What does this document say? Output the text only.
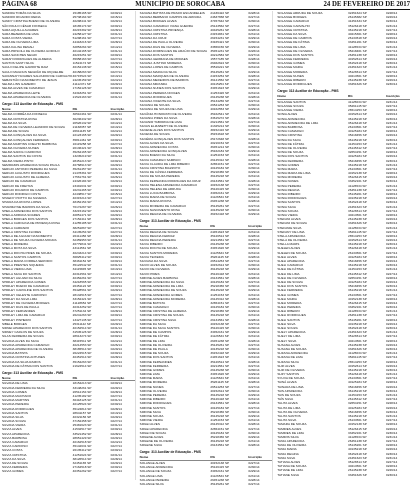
PÁGINA 68	MUNICÍPIO DE SOROCABA	24 DE FEVEREIRO DE 2017
SANDRA TOMÁS DA SILVA	15185165 SP	0230/14
SANDRO RICARDO REINA	25738164 SP	0215/14
SANDY CRISTINA BUENO DE OLIVEIRA	40298441 SP	0229/14
SÃO PAULO CÉSAR FONSECA	18165174 SP	0230/14
SARA AQUILLA ALVARES	40215392 SP	0228/14
SARA BEZERRA DE LIMA	24258127 SP	0231/14
SARA COSTA VIEIRA	51298161 SP	0227/14
SARA DE OLIVEIRA LIMA	44418216 SP	0228/14
SARA KALINA RENALI	32853264 SP	0214/14
SARA PRISCILA DE OLIVEIRA GODOLO	40142165 SP	0231/14
SARA SANCHES NEGRI	46215251 SP	0230/14
SARAH RODRIGUES DE ALMEIDA	35958163 SP	0227/14
SANTOS SANTI SILVA	11524174 SP	0229/14
SAULO FELIPE GARROTE RAIZ	46154138 SP	0215/14
SAULO MAGNUS NEGRÃO DE RIQUELME	40158263 SP	0227/14
SAVANNAH SOARES SALVADOR DE CARVALHO 46715524 SP	0213/14
SEBASTIÃO NASCIMENTO DE JESUS	24245159 SP	0224/14
SELMA LINS GAMEIRO	41112471 SP	0229/14
SELMA ALVES DE CAMARGO	17152126 SP	0230/14
SELMA APARECIDA LEITE	34318251 SP	0230/14
SELMA APARECIDA DE OLIVEIRA	21524163 SP	0231/14
Cargo: 313 Auxiliar de Educação - PMS
Nome	RG	Inscrição
SELMA CORRÊA DA FONSECA	30510461 SP	0231/14
SELMA CRISTINA ROSA	30236432 SP	0228/14
SELMA DA SILVA	20526132 SP	0214/14
SELMA DE OLIVEIRA LEANDRO DE SOUZA	21168357 SP	0213/14
SELMA DE SOUZA	26611135 SP	0224/14
SELMA GONÇALVES DA SILVA	22123165 SP	0229/14
SELMA GONÇALVES FERREIRA	35811461 SP	0230/14
SELMA MARTINS COELHO BARBOSA	16115258 SP	0227/14
SELMA OLIVEIRA NUNES	20136421 SP	0228/14
SELMA SADOLI CARDOSO	35264165 SP	0229/14
SELMA SANTOS DA COSTA	13245219 SP	0231/14
SELMA VIEIRA PINTO	28451213 SP	0230/14
SEMIRAMIS APARECIDA SOUZA PAULA	46768913 SP	0229/14
SERGIO ANTONIO PEREIRA DA SILVA	35261457 SP	0231/14
SERGIO AUGUSTO RODRIGUES	21478361 SP	0228/14
SERGIO AUGUSTO DE ALMEIDA	17561761 SP	0226/14
SERGIO DE CAMARGO	24326184 SP	0229/14
SERGIO DE FREITAS	23491631 SP	0230/14
SERGIO RICARDO DE CAMPOS	16231465 SP	0230/14
SERGIO RODRIGO COSTA	42438517 SP	0215/14
SHAENY PIOTTO DA SILVEIRA	40315214 SP	0227/14
SHAIRA DA ROCHA LOPES	48452154 SP	0214/14
SHARMAYNE BARROS DA SILVA	70172267 SP	0226/14
SHEILA APARECIDA DOS SANTOS	33215162 SP	0229/14
SHEILA ARRUDA SOARES	40851471 SP	0229/14
SHEILA BORGES DOS SANTOS	27152411 SP	0228/14
SHEILA CAROLINA DE PROENÇA ROSA	41255185 SP	0231/14
SHEILA CARRARO	38251867 SP	0227/14
SHEILA CRISTINA FLORES	34135254 SP	0227/14
SHEILA DE AGUIAR NASCIMENTO	26411456 SP	0228/14
SHEILA DE SOUZA OLIVEIRA MOURA	32459953 SP	0231/14
SHEILA MOREIRA	46779841 SP	0224/14
SHEILA MOTA DA SILVA	43114561 SP	0224/14
SHEILA ROCHA PIRES DE SOUZA	40243214 SP	0230/14
SHEILA SANTOS CAMPOS	36825412 SP	0230/14
SHEILA MARIA CORREA SERODIO	38461152 SP	0230/14
SHEILA PRESTES SIQUEIRA	35122542 SP	0231/14
SHEILA VIEIRA LIMA	34115845 SP	0213/14
SHEILA SILVA DO SANTOS	40312561 SP	0214/14
SHIRLEY AGUIAR DA SILVA	40452261 SP	0227/14
SHIRLEY APARECIDA GOMES	34218565 SP	0213/14
SHIRLEY BUENO DE CAMARGO	26451122 SP	0230/14
SHIRLEY CAROLINE DOS SANTOS	35428561 SP	0229/14
SHIRLEY CELESTE CARDOSO	28134515 SP	0227/14
SHIRLEY DA SILVA LIMA	33152421 SP	0228/14
SHIRLEY DE OLIVEIRA BORGES	41128652 SP	0227/14
SHIRLEY DIAS DE PAULA	40313252 SP	0227/14
SHIRLEY FERNANDES	37251134 SP	0228/14
SHIRLEY LIMA DE CAMARGO	26241263 SP	0230/14
SHIRLEY PINHEIRO	13427135 SP	0227/14
SIBELE BORGES	25311142 SP	0229/14
SIDNEI APARECIDO DOS SANTOS	40152514 SP	0231/14
SIDNEY CARLOS DE SOUZA	31545126 SP	0228/14
SILAS FERREIRA DE SOUZA	28613274 SP	0230/14
SILVANA ALVES DA SILVA	38415511 SP	0224/14
SILVANA APARECIDA CAMARGO	40214553 SP	0226/14
SILVANA APARECIDA DE OLIVEIRA	38165514 SP	0229/14
SILVANA BATISTA	26224515 SP	0230/14
SILVANA CRISTINA ANTUNES	40451514 SP	0228/14
SILVANA DA SILVA RAMOS	35154263 SP	0231/14
SILVANA DE FÁTIMA DOS SANTOS	21624514 SP	0227/14
Cargo: 313 Auxiliar de Educação - PMS
Nome	RG	Inscrição
SILVANA DE LIMA	18154213 SP	0230/14
SILVANA FERREIRA DA SILVA	33148261 SP	0229/14
SILVANA GOMES	26512154 SP	0228/14
SILVANA MACHADO	41235182 SP	0227/14
SILVANA MARTINS	36418125 SP	0231/14
SILVANA PEREIRA	40125524 SP	0230/14
SILVANA RODRIGUES	35124814 SP	0228/14
SILVANA SANTOS	28641157 SP	0213/14
SILVANA SILVA	40321156 SP	0229/14
SILVANA SOUZA	37152458 SP	0227/14
SILVANA VIEIRA	25481623 SP	0231/14
SILVIA ALVES	41532517 SP	0230/14
SILVIA APARECIDA	33521452 SP	0228/14
SILVIA BARBOSA	28651429 SP	0229/14
SILVIA CAMARGO	40162518 SP	0224/14
SILVIA CARDOSO	35142631 SP	0227/14
SILVIA COSTA	26135412 SP	0230/14
SILVIA CRISTINA	41251624 SP	0231/14
SILVIA DA SILVA	38126514 SP	0228/14
SILVIA DE SOUZA	32451165 SP	0229/14
SILVIA FERREIRA	27164518 SP	0230/14
SILVIA GOMES	40351262 SP	0227/14
SILVANA BATISTA DE PRADO ESCANDELEIS	21436422 SP	0228/14
SILVANA BERBANO CAMPOS DE ARRUDA	24637658 SP	0227/14
SILVANA BORGES ALVES	37457642 SP	0230/14
SILVANA CAMARGO VIANA GUERRA	25143562 SP	0227/14
SILVANA CRISTINA PROENÇA	40425261 SP	0228/14
SILVANA CRISTINA	23154831 SP	0231/14
SILVANA DA CRUZ	26154231 SP	0229/14
SILVANA DE PAULA OLIVEIRA	33165421 SP	0230/14
SILVANA DIAS DE OLIVEIRA	33656156 SP	0229/14
SILVANA DOMINGUES DE ARAÚJO DE SOUZA	35451231 SP	0226/14
SILVANA DOS SANTOS	40212584 SP	0227/14
SILVANA GERMANA DE MORAES	15577185 SP	0228/14
SILVANA JUSTINO MOREIRA	26462624 SP	0230/14
SILVANA LOPES DE CAMPOS	35516221 SP	0231/14
SILVANA MARIA DA SILVA	35145261 SP	0229/14
SILVANA MARQUES DE OLIVEIRA	24153254 SP	0228/14
SILVANA MEDEIROS DE BARROS	36141552 SP	0227/14
SILVANA MIRANDA	40115254 SP	0230/14
SILVANA NUNES DOS SANTOS	33451623 SP	0229/14
SILVANA PEREIRA NOVAES	41253426 SP	0231/14
SILVANA RODRIGUES	26145238 SP	0228/14
SILVANA VICENTE DA SILVA	35134256 SP	0227/14
SILVANIA DE SOUZA	26541253 SP	0230/14
SILVANIA DE SOUZA DE LIMA	40162553 SP	0229/14
SILVÂNIA HONORATO DE OLIVEIRA	35162541 SP	0231/14
SILVANIA PIRES DA SILVA	33615272 SP	0228/14
SILVANIR TABORDA DE LIMA	26214561 SP	0227/14
SILVAS ELIZABETH DE OLIVEIRA	41325214 SP	0230/14
SILVENE ALVES DOS SANTOS	38152416 SP	0229/14
SILVENIA DE SOUZA	35154618 SP	0231/14
SILVÉRIA GONÇALVES DOS SANTOS	25172648 SP	0228/14
SILVIA ALVES DA SILVA	40216154 SP	0227/14
SILVIA APARECIDA COSTA	36451214 SP	0230/14
SILVIA APARECIDA GONÇALVES	35162184 SP	0229/14
SILVIA BUENO DA SILVA	41254153 SP	0231/14
SILVIA CAMARGO SAMPAIO	26145312 SP	0228/14
SILVIA CLAUDIA DE LIMA RIBEIRO	32654151 SP	0227/14
SILVIA CRISTINA BIAZZOTO	40125184 SP	0230/14
SILVIA DE CÁSSIA FERREIRA	35218456 SP	0229/14
SILVIA DE SOUZA PEREIRA	36145218 SP	0231/14
SILVIA FERNANDA RODRIGUES DA CRUZ	26134561 SP	0228/14
SILVIA HELENA APARECIDA CAMARGO	40152138 SP	0227/14
SILVIA HELENA DE ARRUDA	35126415 SP	0230/14
SILVIA LUCIA BARBOSA	33452161 SP	0229/14
SILVIA MARIA DE SOUZA	41126534 SP	0231/14
SILVIA MARIA ROCHA	26451238 SP	0228/14
SILVIA MOREIRA DE CAMARGO	35145261 SP	0227/14
SILVIA NASCIMENTO ROSA	40135218 SP	0230/14
SILVIA REGINA DE OLIVEIRA	36152418 SP	0229/14
Cargo: 313 Auxiliar de Educação - PMS
Nome	RG	Inscrição
SILVIA REGINA DE SOUZA	24451623 SP	0231/14
SILVIA REGINA FERRAZ	35126514 SP	0228/14
SILVIA REGINA PEREIRA	40214561 SP	0227/14
SILVIA RIBEIRO	26145238 SP	0230/14
SILVIA ROCHA DE SOUZA	33451626 SP	0229/14
SILVIA SANTOS MOREIRA	41125634 SP	0231/14
SILVIA TEIXEIRA	35261145 SP	0228/14
SILVIANA DA SILVA	26514253 SP	0227/14
SILVIO ALVES DE SOUZA	40152614 SP	0230/14
SILVIO DE OLIVEIRA	36145218 SP	0229/14
SILVIO PIRES	35126418 SP	0231/14
SIMONE ALVES BARBOSA	26134561 SP	0228/14
SIMONE APARECIDA DA SILVA	40125184 SP	0227/14
SIMONE APARECIDA DE LIMA	35218456 SP	0230/14
SIMONE APARECIDA DE SOUZA	36145218 SP	0229/14
SIMONE APARECIDA GOMES	41254153 SP	0231/14
SIMONE APARECIDA MOREIRA	26145312 SP	0228/14
SIMONE BATISTA	32654151 SP	0227/14
SIMONE CAMARGO	40125184 SP	0230/14
SIMONE CRISTINA DE ALMEIDA	35218456 SP	0229/14
SIMONE CRISTINA DE SOUZA	36145218 SP	0231/14
SIMONE CRISTINA SILVA	26134561 SP	0228/14
SIMONE DA SILVA	40152138 SP	0227/14
SIMONE DA SILVA SANTOS	35126415 SP	0230/14
SIMONE DE CAMPOS	33452161 SP	0229/14
SIMONE DE FÁTIMA	41126534 SP	0231/14
SIMONE DE LIMA	26451238 SP	0228/14
SIMONE DE OLIVEIRA	35145261 SP	0227/14
SIMONE DE PAULA	40135218 SP	0230/14
SIMONE DE SOUZA	36152418 SP	0229/14
SIMONE DOS SANTOS	24451623 SP	0231/14
SIMONE FERNANDES	35126514 SP	0228/14
SIMONE FERREIRA	40214561 SP	0227/14
SIMONE GOMES	26145238 SP	0230/14
SIMONE LIMA	33451626 SP	0229/14
SIMONE MARIA	41125634 SP	0231/14
SIMONE MOREIRA	35261145 SP	0228/14
SIMONE NUNES	26514253 SP	0227/14
SIMONE OLIVEIRA	40152614 SP	0230/14
SIMONE PEREIRA	36145218 SP	0229/14
SIMONE RIBEIRO	35126418 SP	0231/14
SIMONE RODRIGUES	26134561 SP	0228/14
SIMONE SANTOS	40125184 SP	0227/14
SIMONE SILVA	35218456 SP	0230/14
SIMONE SOUZA	36145218 SP	0229/14
SIMONE VIEIRA	41254153 SP	0231/14
SIRLEI ALVES	26145312 SP	0228/14
SIRLEI APARECIDA	32654151 SP	0227/14
SIRLEI DE SOUZA	40125184 SP	0230/14
SIRLENE ALVES	35218456 SP	0229/14
SIRLENE DE OLIVEIRA	36145218 SP	0231/14
SIRLENE SILVA	26134561 SP	0228/14
Cargo: 313 Auxiliar de Educação - PMS
Nome	RG	Inscrição
SOLANGE ALVES	40152138 SP	0227/14
SOLANGE APARECIDA	35126415 SP	0230/14
SOLANGE DE SOUZA	33452161 SP	0229/14
SOLANGE LIMA	41126534 SP	0231/14
SOLANGE PEREIRA	26451238 SP	0228/14
SOLANGE SILVA	35145261 SP	0227/14
SOLANGE ARRUDA DE SOUZA	32451624 SP	0228/14
SOLANGE BORGES	26145382 SP	0229/14
SOLANGE CAMARGO	41251634 SP	0230/14
SOLANGE CARVALHO	35126418 SP	0231/14
SOLANGE CRISTINA	36145218 SP	0227/14
SOLANGE DA SILVA	40215361 SP	0228/14
SOLANGE DE CAMPOS	26134518 SP	0229/14
SOLANGE DE FÁTIMA	33451261 SP	0230/14
SOLANGE DE LIMA	41126534 SP	0231/14
SOLANGE DE OLIVEIRA	35218461 SP	0227/14
SOLANGE DOS SANTOS	26451238 SP	0228/14
SOLANGE FERREIRA	40152614 SP	0229/14
SOLANGE GOMES	36152418 SP	0230/14
SOLANGE MARIA	24451623 SP	0231/14
SOLANGE MOREIRA	35126514 SP	0227/14
SOLANGE NUNES	40214561 SP	0228/14
SOLANGE RIBEIRO	26145238 SP	0229/14
SOLANGE RODRIGUES	33451626 SP	0230/14
Cargo: 313 Auxiliar de Educação - PMS
Nome	RG	Inscrição
SOLANGE SANTOS	41125634 SP	0231/14
SOLANGE SOUZA	35261145 SP	0227/14
SOLANGE VIEIRA	26514253 SP	0228/14
SONIA ALVES	40152614 SP	0229/14
SONIA APARECIDA	36145218 SP	0230/14
SONIA APARECIDA DE LIMA	35126418 SP	0231/14
SONIA BARBOSA	26134561 SP	0227/14
SONIA CAMARGO	40125184 SP	0228/14
SONIA CRISTINA	35218456 SP	0229/14
SONIA DA SILVA	36145218 SP	0230/14
SONIA DE FÁTIMA	41254153 SP	0231/14
SONIA DE OLIVEIRA	26145312 SP	0227/14
SONIA DE SOUZA	32654151 SP	0228/14
SONIA DOS SANTOS	40125184 SP	0229/14
SONIA FERREIRA	35218456 SP	0230/14
SONIA GOMES	36145218 SP	0231/14
SONIA MARIA	26134561 SP	0227/14
SONIA MARIA DE LIMA	40152138 SP	0228/14
SONIA MOREIRA	35126415 SP	0229/14
SONIA NUNES	33452161 SP	0230/14
SONIA PEREIRA	41126534 SP	0231/14
SONIA REGINA	26451238 SP	0227/14
SONIA RIBEIRO	35145261 SP	0228/14
SONIA RODRIGUES	40135218 SP	0229/14
SONIA SANTOS	36152418 SP	0230/14
SONIA SILVA	24451623 SP	0231/14
SONIA SOUZA	35126514 SP	0227/14
SONIA VIEIRA	40214561 SP	0228/14
STEFANI ALVES	26145238 SP	0229/14
STEFANI DE SOUZA	33451626 SP	0230/14
STEFANIE SILVA	41125634 SP	0231/14
STEFANY DE LIMA	35261145 SP	0227/14
STELA APARECIDA	26514253 SP	0228/14
STELA DE OLIVEIRA	40152614 SP	0229/14
STELLA MARIS	36145218 SP	0230/14
SUELEN ALVES	35126418 SP	0231/14
SUELEN DE SOUZA	26134561 SP	0227/14
SUELI ALVES	40125184 SP	0228/14
SUELI APARECIDA	35218456 SP	0229/14
SUELI CAMARGO	36145218 SP	0230/14
SUELI DE FÁTIMA	41254153 SP	0231/14
SUELI DE LIMA	26145312 SP	0227/14
SUELI DE OLIVEIRA	32654151 SP	0228/14
SUELI DE SOUZA	40125184 SP	0229/14
SUELI DOS SANTOS	35218456 SP	0230/14
SUELI FERREIRA	36145218 SP	0231/14
SUELI GOMES	26134561 SP	0227/14
SUELI MARIA	40152138 SP	0228/14
SUELI MOREIRA	35126415 SP	0229/14
SUELI PEREIRA	33452161 SP	0230/14
SUELI RIBEIRO	41126534 SP	0231/14
SUELI RODRIGUES	26451238 SP	0227/14
SUELI SANTOS	35145261 SP	0228/14
SUELI SILVA	40135218 SP	0229/14
SUELI SOUZA	36152418 SP	0230/14
SUELY APARECIDA	24451623 SP	0231/14
SUELY DE LIMA	35126514 SP	0227/14
SUELY SILVA	40214561 SP	0228/14
SUSANA ALVES	26145238 SP	0229/14
SUSANA DE SOUZA	33451626 SP	0230/14
SUZANA APARECIDA	41125634 SP	0231/14
SUZANA DE LIMA	35261145 SP	0227/14
SUZANA SILVA	26514253 SP	0228/14
SUZI ALVES	40152614 SP	0229/14
SUZI DE OLIVEIRA	36145218 SP	0230/14
SUZY SANTOS	35126418 SP	0231/14
SYLVIA DE SOUZA	26134561 SP	0227/14
TAINÁ ALVES	40125184 SP	0228/14
TAINARA DE LIMA	35218456 SP	0229/14
TAIS APARECIDA	36145218 SP	0230/14
TAIS DE SOUZA	41254153 SP	0231/14
TAÍS SILVA	26145312 SP	0227/14
TALITA ALVES	32654151 SP	0228/14
TALITA DE LIMA	40125184 SP	0229/14
TALITA DE OLIVEIRA	35218456 SP	0230/14
TALITA SANTOS	36145218 SP	0231/14
TALITA SILVA	26134561 SP	0227/14
TAMARA DE SOUZA	40152138 SP	0228/14
TAMIRES ALVES	35126415 SP	0229/14
TAMIRES DE LIMA	33452161 SP	0230/14
TAMIRIS SILVA	41126534 SP	0231/14
TANIA APARECIDA	26451238 SP	0227/14
TANIA DE OLIVEIRA	35145261 SP	0228/14
TANIA MARIA	40135218 SP	0229/14
TANIA REGINA	36152418 SP	0230/14
TANIA SILVA	24451623 SP	0231/14
TATIANA ALVES	35126514 SP	0227/14
TATIANA DE SOUZA	40214561 SP	0228/14
TATIANE DE LIMA	26145238 SP	0229/14
TATIANE SILVA	33451626 SP	0230/14
